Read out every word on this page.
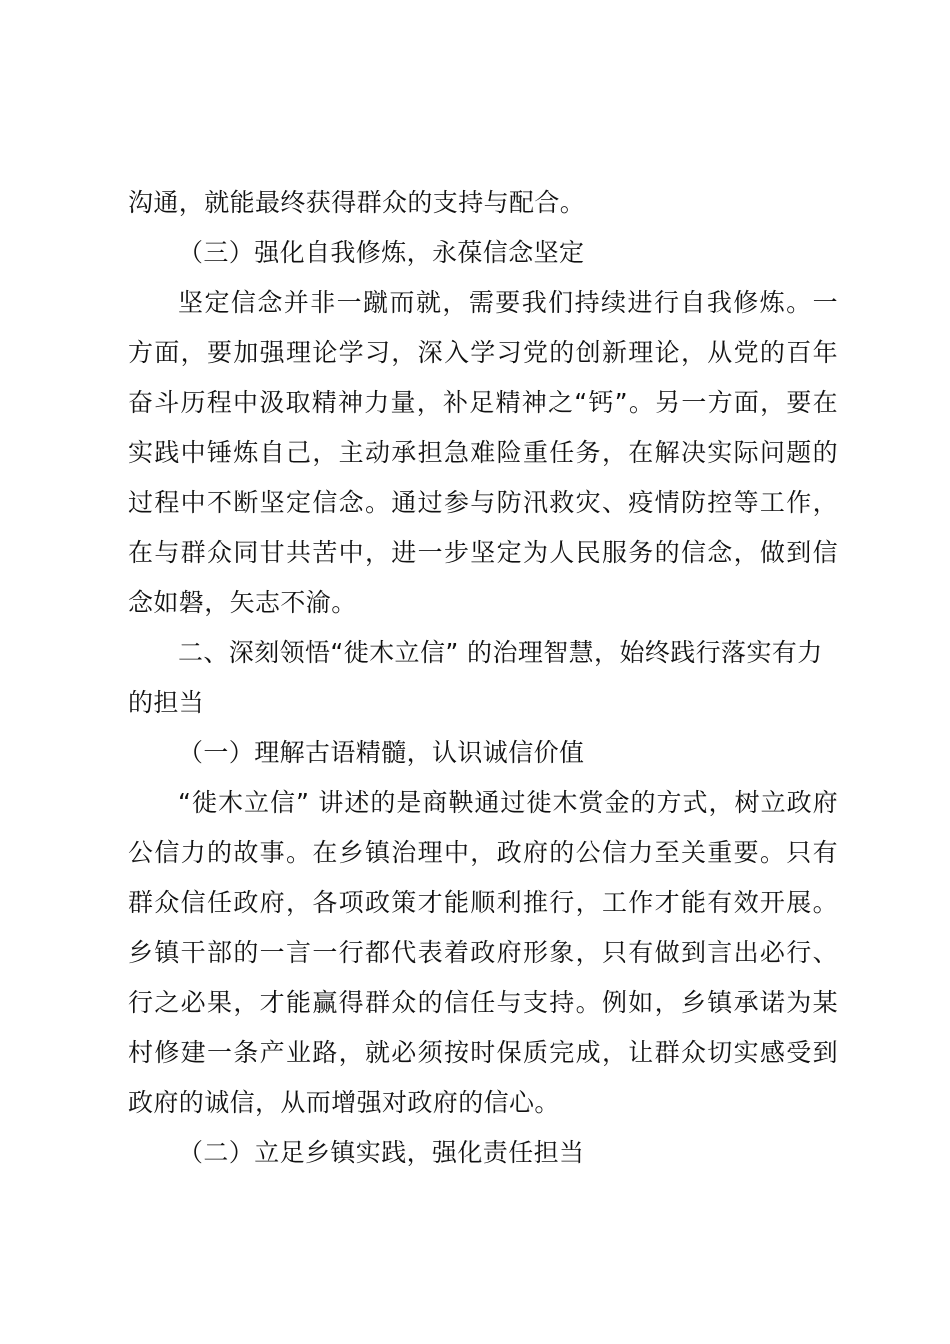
沟通，就能最终获得群众的支持与配合。

（三）强化自我修炼，永葆信念坚定

坚定信念并非一蹴而就，需要我们持续进行自我修炼。一方面，要加强理论学习，深入学习党的创新理论，从党的百年奋斗历程中汲取精神力量，补足精神之“钙”。另一方面，要在实践中锤炼自己，主动承担急难险重任务，在解决实际问题的过程中不断坚定信念。通过参与防汛救灾、疫情防控等工作，在与群众同甘共苦中，进一步坚定为人民服务的信念，做到信念如磐，矢志不渝。

二、深刻领悟“徙木立信” 的治理智慧，始终践行落实有力的担当

（一）理解古语精髓，认识诚信价值

“徙木立信” 讲述的是商鞅通过徙木赏金的方式，树立政府公信力的故事。在乡镇治理中，政府的公信力至关重要。只有群众信任政府，各项政策才能顺利推行，工作才能有效开展。乡镇干部的一言一行都代表着政府形象，只有做到言出必行、行之必果，才能赢得群众的信任与支持。例如，乡镇承诺为某村修建一条产业路，就必须按时保质完成，让群众切实感受到政府的诚信，从而增强对政府的信心。

（二）立足乡镇实践，强化责任担当
